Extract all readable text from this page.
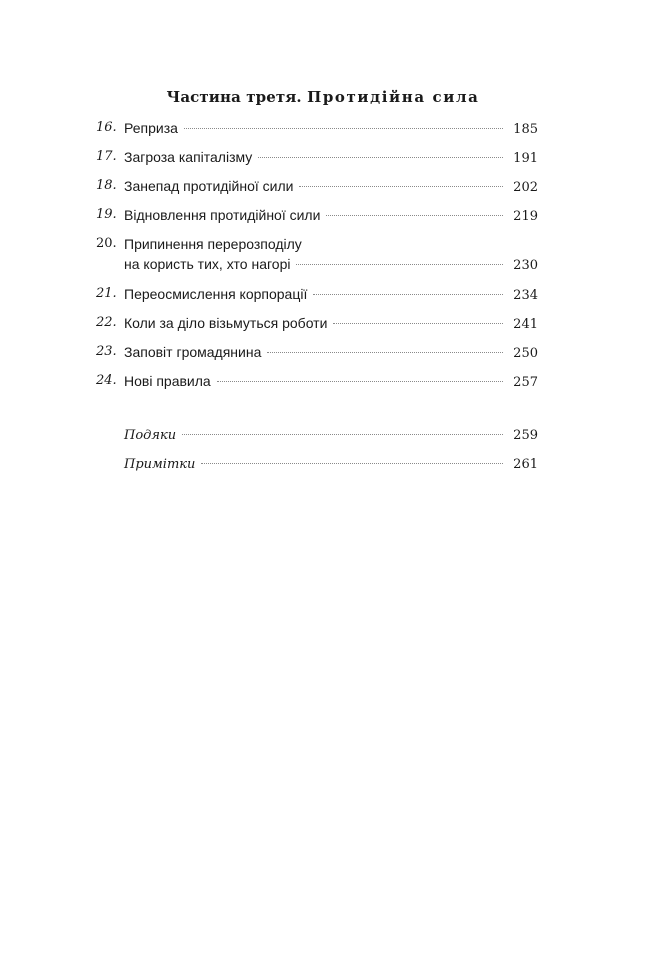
Частина третя. Протидійна сила
16. Реприза	185
17. Загроза капіталізму	191
18. Занепад протидійної сили	202
19. Відновлення протидійної сили	219
20. Припинення перерозподілу
на користь тих, хто нагорі	230
21. Переосмислення корпорації	234
22. Коли за діло візьмуться роботи	241
23. Заповіт громадянина	250
24. Нові правила	257
Подяки	259
Примітки	261
